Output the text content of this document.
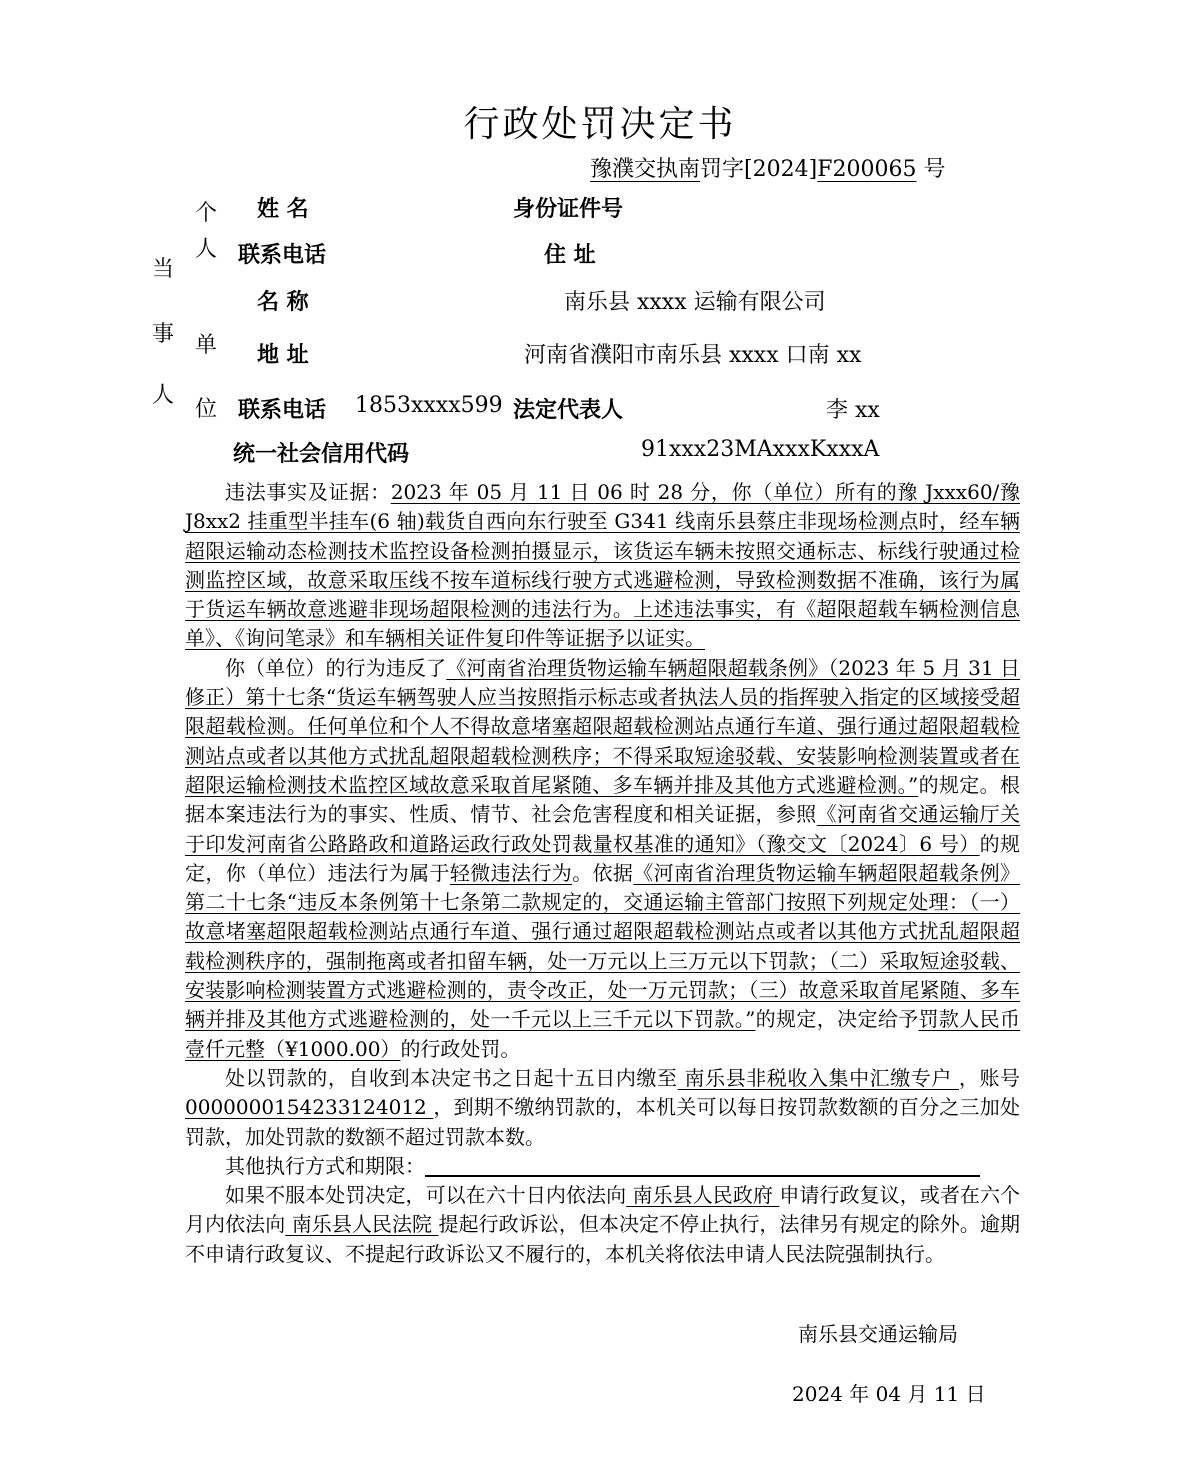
行政处罚决定书
豫濮交执南罚字[2024]F200065 号
当
事
人
个
人
单
位
姓 名	身份证件号
联系电话	住 址
名 称	南乐县 xxxx 运输有限公司
地 址	河南省濮阳市南乐县 xxxx 口南 xx
联系电话 1853xxxx599 法定代表人	李 xx
统一社会信用代码	91xxx23MAxxxKxxxA

违法事实及证据：2023 年 05 月 11 日 06 时 28 分，你（单位）所有的豫 Jxxx60/豫 J8xx2 挂重型半挂车(6 轴)载货自西向东行驶至 G341 线南乐县蔡庄非现场检测点时，经车辆超限运输动态检测技术监控设备检测拍摄显示，该货运车辆未按照交通标志、标线行驶通过检测监控区域，故意采取压线不按车道标线行驶方式逃避检测，导致检测数据不准确，该行为属于货运车辆故意逃避非现场超限检测的违法行为。上述违法事实，有《超限超载车辆检测信息单》、《询问笔录》和车辆相关证件复印件等证据予以证实。

你（单位）的行为违反了《河南省治理货物运输车辆超限超载条例》（2023 年 5 月 31 日修正）第十七条“货运车辆驾驶人应当按照指示标志或者执法人员的指挥驶入指定的区域接受超限超载检测。任何单位和个人不得故意堵塞超限超载检测站点通行车道、强行通过超限超载检测站点或者以其他方式扰乱超限超载检测秩序；不得采取短途驳载、安装影响检测装置或者在超限运输检测技术监控区域故意采取首尾紧随、多车辆并排及其他方式逃避检测。”的规定。根据本案违法行为的事实、性质、情节、社会危害程度和相关证据，参照《河南省交通运输厅关于印发河南省公路路政和道路运政行政处罚裁量权基准的通知》（豫交文〔2024〕6 号）的规定，你（单位）违法行为属于轻微违法行为。依据《河南省治理货物运输车辆超限超载条例》第二十七条“违反本条例第十七条第二款规定的，交通运输主管部门按照下列规定处理：（一）故意堵塞超限超载检测站点通行车道、强行通过超限超载检测站点或者以其他方式扰乱超限超载检测秩序的，强制拖离或者扣留车辆，处一万元以上三万元以下罚款；（二）采取短途驳载、安装影响检测装置方式逃避检测的，责令改正，处一万元罚款；（三）故意采取首尾紧随、多车辆并排及其他方式逃避检测的，处一千元以上三千元以下罚款。”的规定，决定给予罚款人民币壹仟元整（¥1000.00）的行政处罚。

处以罚款的，自收到本决定书之日起十五日内缴至 南乐县非税收入集中汇缴专户 ，账号 0000000154233124012 ，到期不缴纳罚款的，本机关可以每日按罚款数额的百分之三加处罚款，加处罚款的数额不超过罚款本数。

其他执行方式和期限：

如果不服本处罚决定，可以在六十日内依法向 南乐县人民政府 申请行政复议，或者在六个月内依法向 南乐县人民法院 提起行政诉讼，但本决定不停止执行，法律另有规定的除外。逾期不申请行政复议、不提起行政诉讼又不履行的，本机关将依法申请人民法院强制执行。

南乐县交通运输局
2024 年 04 月 11 日
